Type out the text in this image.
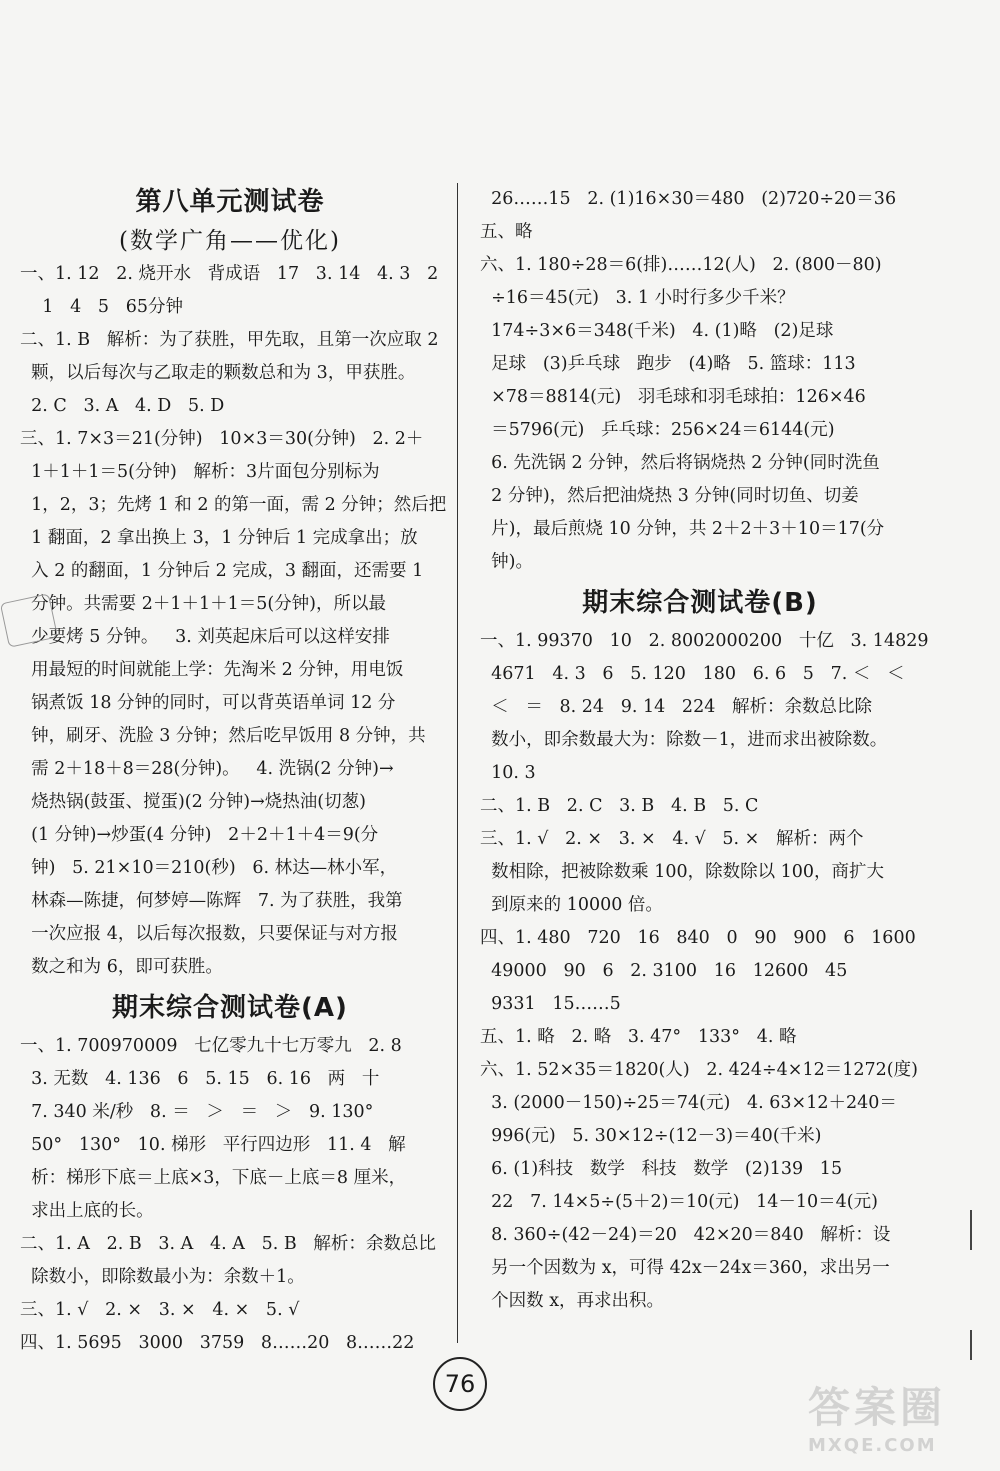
第八单元测试卷
(数学广角——优化)
一、1. 12   2. 烧开水   背成语   17   3. 14   4. 3   2
1   4   5   65分钟
二、1. B   解析：为了获胜，甲先取，且第一次应取 2
颗，以后每次与乙取走的颗数总和为 3，甲获胜。
2. C   3. A   4. D   5. D
三、1. 7×3＝21(分钟)   10×3＝30(分钟)   2. 2＋
1＋1＋1＝5(分钟)   解析：3片面包分别标为
1，2，3；先烤 1 和 2 的第一面，需 2 分钟；然后把
1 翻面，2 拿出换上 3，1 分钟后 1 完成拿出；放
入 2 的翻面，1 分钟后 2 完成，3 翻面，还需要 1
分钟。共需要 2＋1＋1＋1＝5(分钟)，所以最
少要烤 5 分钟。   3. 刘英起床后可以这样安排
用最短的时间就能上学：先淘米 2 分钟，用电饭
锅煮饭 18 分钟的同时，可以背英语单词 12 分
钟，刷牙、洗脸 3 分钟；然后吃早饭用 8 分钟，共
需 2＋18＋8＝28(分钟)。   4. 洗锅(2 分钟)→
烧热锅(鼓蛋、搅蛋)(2 分钟)→烧热油(切葱)
(1 分钟)→炒蛋(4 分钟)   2＋2＋1＋4＝9(分
钟)   5. 21×10＝210(秒)   6. 林达—林小军，
林森—陈捷，何梦婷—陈辉   7. 为了获胜，我第
一次应报 4，以后每次报数，只要保证与对方报
数之和为 6，即可获胜。
期末综合测试卷(A)
一、1. 700970009   七亿零九十七万零九   2. 8
3. 无数   4. 136   6   5. 15   6. 16   两   十
7. 340 米/秒   8. ＝   ＞   ＝   ＞   9. 130°
50°   130°   10. 梯形   平行四边形   11. 4   解
析：梯形下底＝上底×3，下底－上底＝8 厘米，
求出上底的长。
二、1. A   2. B   3. A   4. A   5. B   解析：余数总比
除数小，即除数最小为：余数＋1。
三、1. √   2. ×   3. ×   4. ×   5. √
四、1. 5695   3000   3759   8……20   8……22
26……15   2. (1)16×30＝480   (2)720÷20＝36
五、略
六、1. 180÷28＝6(排)……12(人)   2. (800－80)
÷16＝45(元)   3. 1 小时行多少千米？
174÷3×6＝348(千米)   4. (1)略   (2)足球
足球   (3)乒乓球   跑步   (4)略   5. 篮球：113
×78＝8814(元)   羽毛球和羽毛球拍：126×46
＝5796(元)   乒乓球：256×24＝6144(元)
6. 先洗锅 2 分钟，然后将锅烧热 2 分钟(同时洗鱼
2 分钟)，然后把油烧热 3 分钟(同时切鱼、切姜
片)，最后煎烧 10 分钟，共 2＋2＋3＋10＝17(分
钟)。
期末综合测试卷(B)
一、1. 99370   10   2. 8002000200   十亿   3. 14829
4671   4. 3   6   5. 120   180   6. 6   5   7. ＜   ＜
＜   ＝   8. 24   9. 14   224   解析：余数总比除
数小，即余数最大为：除数－1，进而求出被除数。
10. 3
二、1. B   2. C   3. B   4. B   5. C
三、1. √   2. ×   3. ×   4. √   5. ×   解析：两个
数相除，把被除数乘 100，除数除以 100，商扩大
到原来的 10000 倍。
四、1. 480   720   16   840   0   90   900   6   1600
49000   90   6   2. 3100   16   12600   45
9331   15……5
五、1. 略   2. 略   3. 47°   133°   4. 略
六、1. 52×35＝1820(人)   2. 424÷4×12＝1272(度)
3. (2000－150)÷25＝74(元)   4. 63×12＋240＝
996(元)   5. 30×12÷(12－3)＝40(千米)
6. (1)科技   数学   科技   数学   (2)139   15
22   7. 14×5÷(5＋2)＝10(元)   14－10＝4(元)
8. 360÷(42－24)＝20   42×20＝840   解析：设
另一个因数为 x，可得 42x－24x＝360，求出另一
个因数 x，再求出积。
76	答案圈
MXQE.COM
